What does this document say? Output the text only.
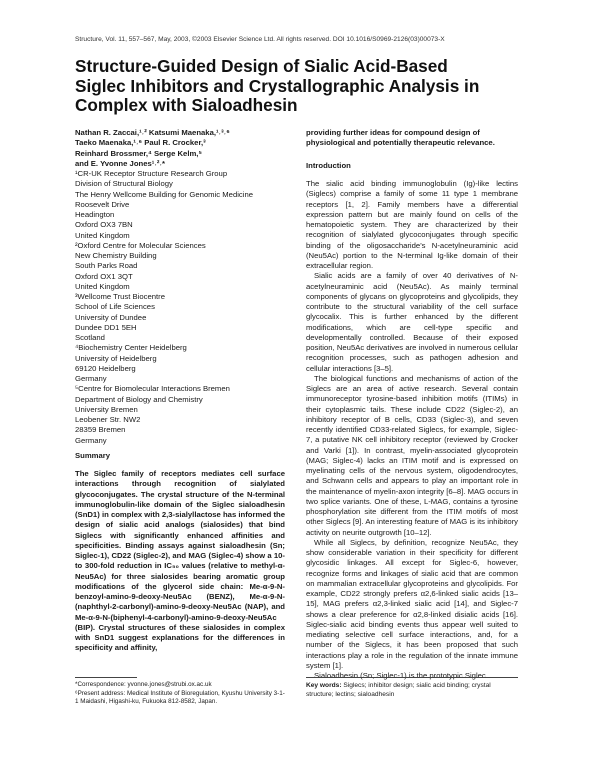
Structure, Vol. 11, 557–567, May, 2003, ©2003 Elsevier Science Ltd. All rights reserved. DOI 10.1016/S0969-2126(03)00073-X
Structure-Guided Design of Sialic Acid-Based Siglec Inhibitors and Crystallographic Analysis in Complex with Sialoadhesin
Nathan R. Zaccai,¹˒² Katsumi Maenaka,¹˒³˒⁶
Taeko Maenaka,¹˒⁶ Paul R. Crocker,³
Reinhard Brossmer,⁴ Serge Kelm,⁵
and E. Yvonne Jones¹˒²˒*
¹CR-UK Receptor Structure Research Group
Division of Structural Biology
The Henry Wellcome Building for Genomic Medicine
Roosevelt Drive
Headington
Oxford OX3 7BN
United Kingdom
²Oxford Centre for Molecular Sciences
New Chemistry Building
South Parks Road
Oxford OX1 3QT
United Kingdom
³Wellcome Trust Biocentre
School of Life Sciences
University of Dundee
Dundee DD1 5EH
Scotland
⁴Biochemistry Center Heidelberg
University of Heidelberg
69120 Heidelberg
Germany
⁵Centre for Biomolecular Interactions Bremen
Department of Biology and Chemistry
University Bremen
Leobener Str. NW2
28359 Bremen
Germany
Summary
The Siglec family of receptors mediates cell surface interactions through recognition of sialylated glycoconjugates. The crystal structure of the N-terminal immunoglobulin-like domain of the Siglec sialoadhesin (SnD1) in complex with 2,3-sialyllactose has informed the design of sialic acid analogs (sialosides) that bind Siglecs with significantly enhanced affinities and specificities. Binding assays against sialoadhesin (Sn; Siglec-1), CD22 (Siglec-2), and MAG (Siglec-4) show a 10- to 300-fold reduction in IC₅₀ values (relative to methyl-α-Neu5Ac) for three sialosides bearing aromatic group modifications of the glycerol side chain: Me-α-9-N-benzoyl-amino-9-deoxy-Neu5Ac (BENZ), Me-α-9-N-(naphthyl-2-carbonyl)-amino-9-deoxy-Neu5Ac (NAP), and Me-α-9-N-(biphenyl-4-carbonyl)-amino-9-deoxy-Neu5Ac (BIP). Crystal structures of these sialosides in complex with SnD1 suggest explanations for the differences in specificity and affinity,
*Correspondence: yvonne.jones@strubi.ox.ac.uk
⁶Present address: Medical Institute of Bioregulation, Kyushu University 3-1-1 Maidashi, Higashi-ku, Fukuoka 812-8582, Japan.
providing further ideas for compound design of physiological and potentially therapeutic relevance.
Introduction

The sialic acid binding immunoglobulin (Ig)-like lectins (Siglecs) comprise a family of some 11 type 1 membrane receptors [1, 2]. Family members have a differential expression pattern but are mainly found on cells of the hematopoietic system. They are characterized by their recognition of sialylated glycoconjugates through specific binding of the oligosaccharide's N-acetylneuraminic acid (Neu5Ac) portion to the N-terminal Ig-like domain of their extracellular region.

Sialic acids are a family of over 40 derivatives of N-acetylneuraminic acid (Neu5Ac). As mainly terminal components of glycans on glycoproteins and glycolipids, they contribute to the structural variability of the cell surface glycocalix. This is further enhanced by the different modifications, which are cell-type specific and developmentally controlled. Because of their exposed position, Neu5Ac derivatives are involved in numerous cellular recognition processes, such as pathogen adhesion and cellular interactions [3–5].

The biological functions and mechanisms of action of the Siglecs are an area of active research. Several contain immunoreceptor tyrosine-based inhibition motifs (ITIMs) in their cytoplasmic tails. These include CD22 (Siglec-2), an inhibitory receptor of B cells, CD33 (Siglec-3), and seven recently identified CD33-related Siglecs, for example, Siglec-7, a putative NK cell inhibitory receptor (reviewed by Crocker and Varki [1]). In contrast, myelin-associated glycoprotein (MAG; Siglec-4) lacks an ITIM motif and is expressed on myelinating cells of the nervous system, oligodendrocytes, and Schwann cells and appears to play an important role in the maintenance of myelin-axon integrity [6–8]. MAG occurs in two splice variants. One of these, L-MAG, contains a tyrosine phosphorylation site different from the ITIM motifs of most other Siglecs [9]. An interesting feature of MAG is its inhibitory activity on neurite outgrowth [10–12].

While all Siglecs, by definition, recognize Neu5Ac, they show considerable variation in their specificity for different glycosidic linkages. All except for Siglec-6, however, recognize forms and linkages of sialic acid that are common on mammalian extracellular glycoproteins and glycolipids. For example, CD22 strongly prefers α2,6-linked sialic acids [13–15], MAG prefers α2,3-linked sialic acid [14], and Siglec-7 shows a clear preference for α2,8-linked disialic acids [16]. Siglec-sialic acid binding events thus appear well suited to mediating selective cell surface interactions, and, for a number of the Siglecs, it has been proposed that such interactions play a role in the regulation of the innate immune system [1].

Sialoadhesin (Sn; Siglec-1) is the prototypic Siglec

Key words: Siglecs; inhibitor design; sialic acid binding; crystal structure; lectins; sialoadhesin
